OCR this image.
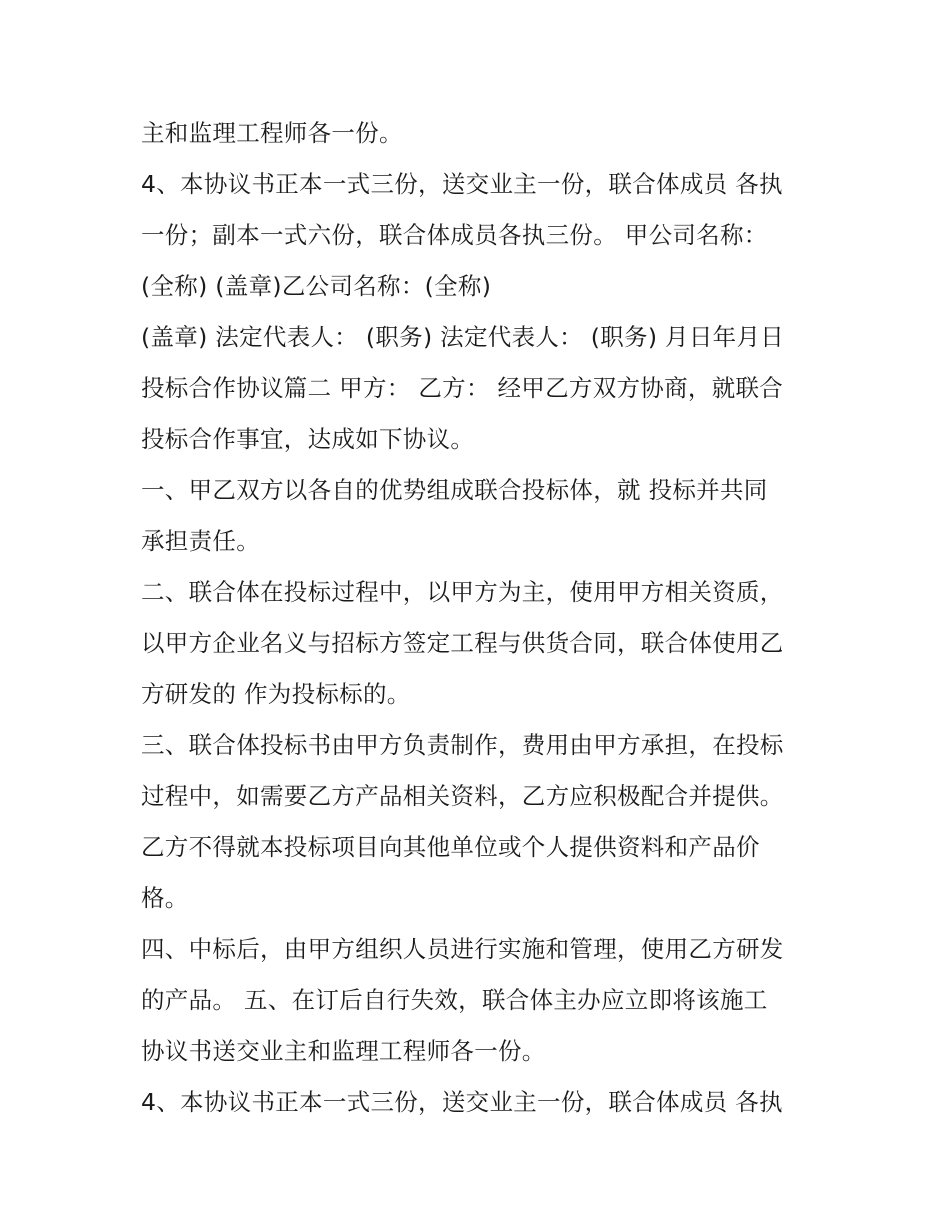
主和监理工程师各一份。
4、本协议书正本一式三份，送交业主一份，联合体成员 各执
一份；副本一式六份，联合体成员各执三份。 甲公司名称：
(全称) (盖章)乙公司名称：(全称)
(盖章) 法定代表人： (职务) 法定代表人： (职务) 月日年月日
投标合作协议篇二 甲方： 乙方： 经甲乙方双方协商，就联合
投标合作事宜，达成如下协议。
一、甲乙双方以各自的优势组成联合投标体，就 投标并共同
承担责任。
二、联合体在投标过程中，以甲方为主，使用甲方相关资质，
以甲方企业名义与招标方签定工程与供货合同，联合体使用乙
方研发的 作为投标标的。
三、联合体投标书由甲方负责制作，费用由甲方承担，在投标
过程中，如需要乙方产品相关资料，乙方应积极配合并提供。
乙方不得就本投标项目向其他单位或个人提供资料和产品价
格。
四、中标后，由甲方组织人员进行实施和管理，使用乙方研发
的产品。 五、在订后自行失效，联合体主办应立即将该施工
协议书送交业主和监理工程师各一份。
4、本协议书正本一式三份，送交业主一份，联合体成员 各执
